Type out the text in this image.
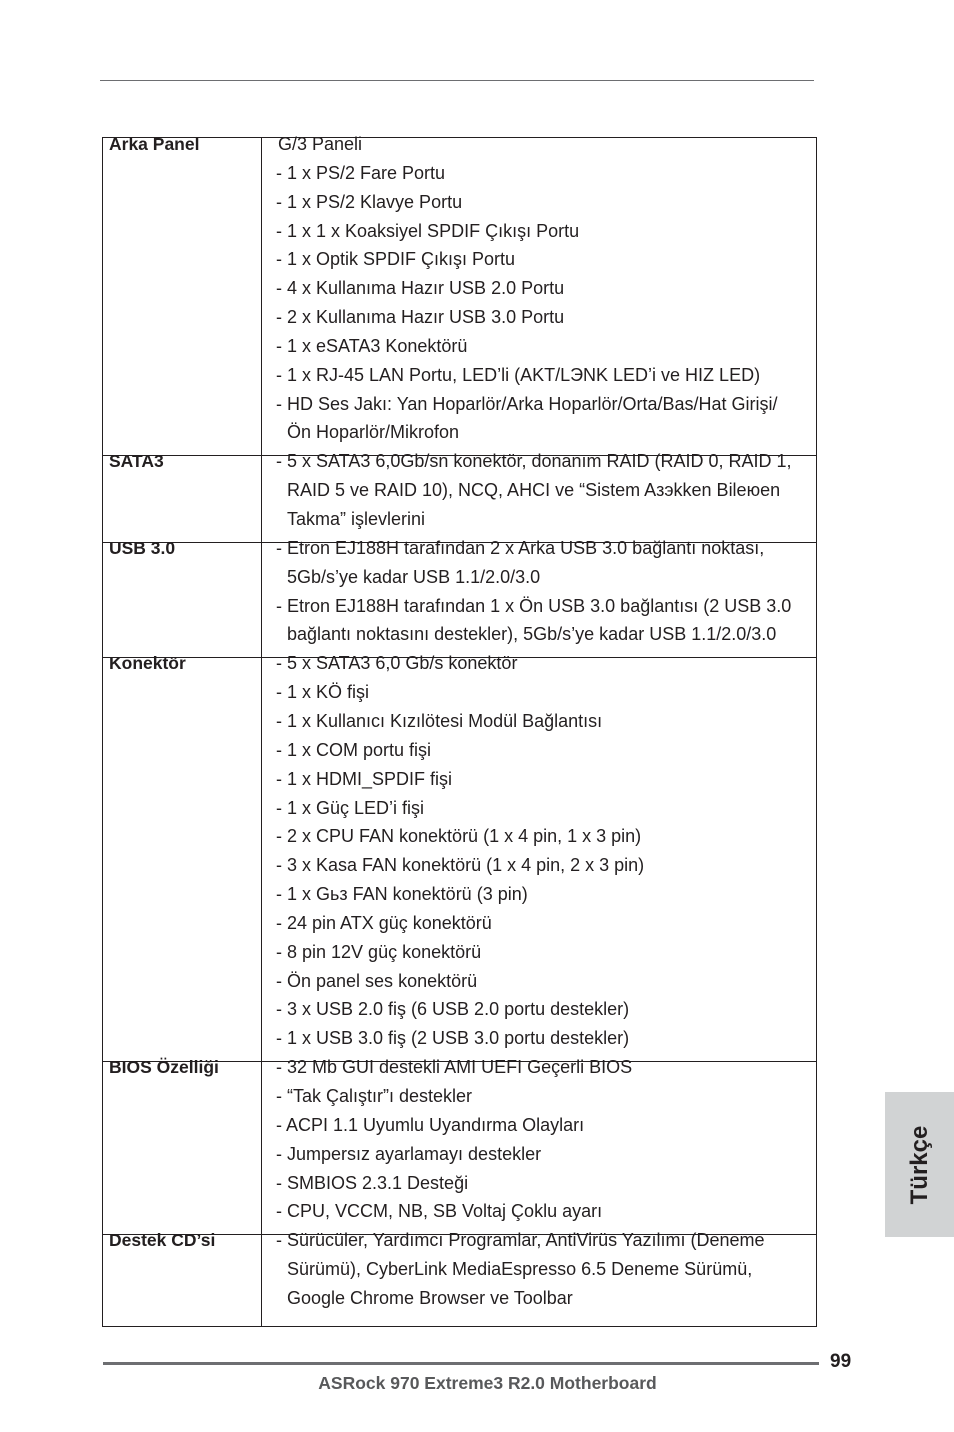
Arka Panel	G/3 Paneli
- 1 x PS/2 Fare Portu
- 1 x PS/2 Klavye Portu
- 1 x 1 x Koaksiyel SPDIF Çıkışı Portu
- 1 x Optik SPDIF Çıkışı Portu
- 4 x Kullanıma Hazır USB 2.0 Portu
- 2 x Kullanıma Hazır USB 3.0 Portu
- 1 x eSATA3 Konektörü
- 1 x RJ-45 LAN Portu, LED’li (AKT/LЭNK LED’i ve HIZ LED)
- HD Ses Jakı: Yan Hoparlör/Arka Hoparlör/Orta/Bas/Hat Girişi/
Ön Hoparlör/Mikrofon
SATA3	- 5 x SATA3 6,0Gb/sn konektör, donanım RAID (RAID 0, RAID 1,
RAID 5 ve RAID 10), NCQ, AHCI ve “Sistem Aзэkken Bileюen
Takma” işlevlerini
USB 3.0	- Etron EJ188H tarafından 2 x Arka USB 3.0 bağlantı noktası,
5Gb/s’ye kadar USB 1.1/2.0/3.0
- Etron EJ188H tarafından 1 x Ön USB 3.0 bağlantısı (2 USB 3.0
bağlantı noktasını destekler), 5Gb/s’ye kadar USB 1.1/2.0/3.0
Konektör	- 5 x SATA3 6,0 Gb/s konektör
- 1 x KÖ fişi
- 1 x Kullanıcı Kızılötesi Modül Bağlantısı
- 1 x COM portu fişi
- 1 x HDMI_SPDIF fişi
- 1 x Güç LED’i fişi
- 2 x CPU FAN konektörü (1 x 4 pin, 1 x 3 pin)
- 3 x Kasa FAN konektörü (1 x 4 pin, 2 x 3 pin)
- 1 x Gьз FAN konektörü (3 pin)
- 24 pin ATX güç konektörü
- 8 pin 12V güç konektörü
- Ön panel ses konektörü
- 3 x USB 2.0 fiş (6 USB 2.0 portu destekler)
- 1 x USB 3.0 fiş (2 USB 3.0 portu destekler)
BIOS Özelliği	- 32 Mb GUI destekli AMI UEFI Geçerli BIOS
- “Tak Çalıştır”ı destekler
- ACPI 1.1 Uyumlu Uyandırma Olayları
- Jumpersız ayarlamayı destekler
- SMBIOS 2.3.1 Desteği
- CPU, VCCM, NB, SB Voltaj Çoklu ayarı
Destek CD’si	- Sürücüler, Yardımcı Programlar, AntiVirüs Yazılımı (Deneme
Sürümü), CyberLink MediaEspresso 6.5 Deneme Sürümü,
Google Chrome Browser ve Toolbar
Türkçe
99
ASRock 970 Extreme3 R2.0 Motherboard
